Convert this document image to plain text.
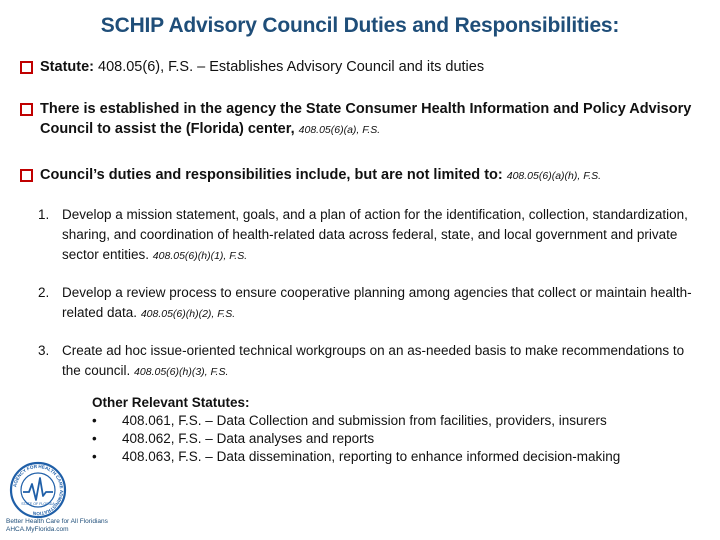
SCHIP Advisory Council Duties and Responsibilities:
Statute: 408.05(6), F.S. – Establishes Advisory Council and its duties
There is established in the agency the State Consumer Health Information and Policy Advisory Council to assist the (Florida) center, 408.05(6)(a), F.S.
Council’s duties and responsibilities include, but are not limited to: 408.05(6)(a)(h), F.S.
1. Develop a mission statement, goals, and a plan of action for the identification, collection, standardization, sharing, and coordination of health-related data across federal, state, and local government and private sector entities. 408.05(6)(h)(1), F.S.
2. Develop a review process to ensure cooperative planning among agencies that collect or maintain health-related data. 408.05(6)(h)(2), F.S.
3. Create ad hoc issue-oriented technical workgroups on an as-needed basis to make recommendations to the council. 408.05(6)(h)(3), F.S.
Other Relevant Statutes:
• 408.061, F.S. – Data Collection and submission from facilities, providers, insurers
• 408.062, F.S. – Data analyses and reports
• 408.063, F.S. – Data dissemination, reporting to enhance informed decision-making
AGENCY FOR HEALTH CARE ADMINISTRATION
STATE OF FLORIDA
Better Health Care for All Floridians
AHCA.MyFlorida.com
